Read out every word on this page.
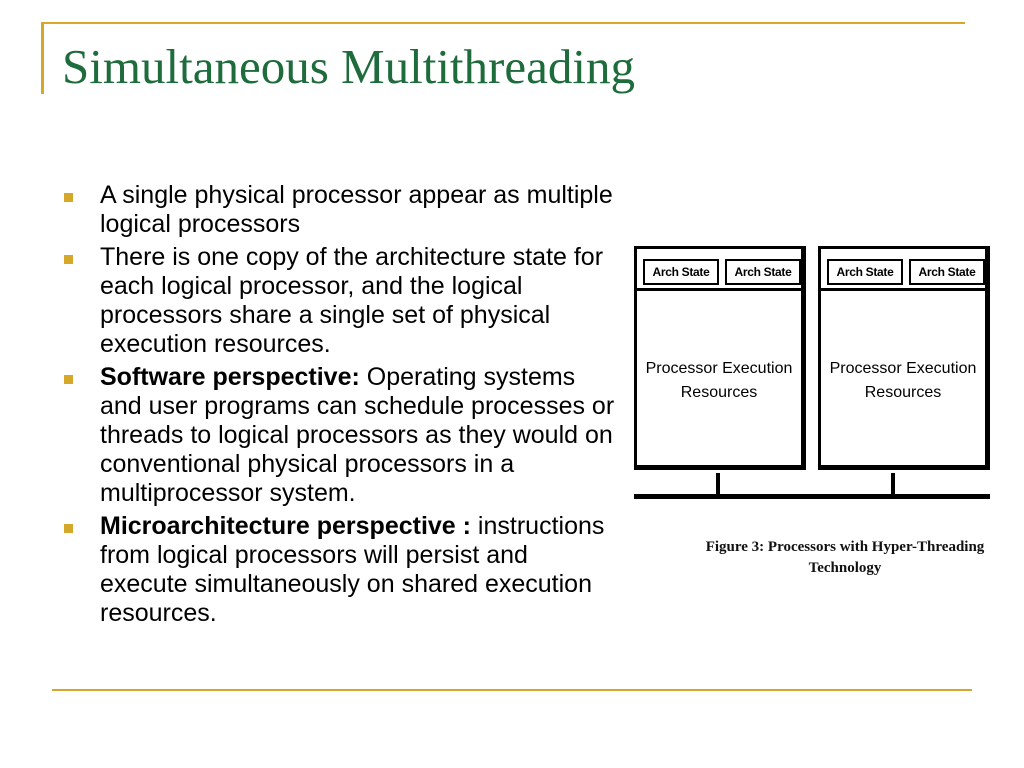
Simultaneous Multithreading
A single physical processor appear as multiple logical processors
There is one copy of the architecture state for each logical processor, and the logical processors share a single set of physical execution resources.
Software perspective: Operating systems and user programs can schedule processes or threads to logical processors as they would on conventional physical processors in a multiprocessor system.
Microarchitecture perspective : instructions from logical processors will persist and execute simultaneously on shared execution resources.
Arch State	Arch State
Processor Execution
Resources
Arch State	Arch State
Processor Execution
Resources
Figure 3: Processors with Hyper-Threading
Technology
